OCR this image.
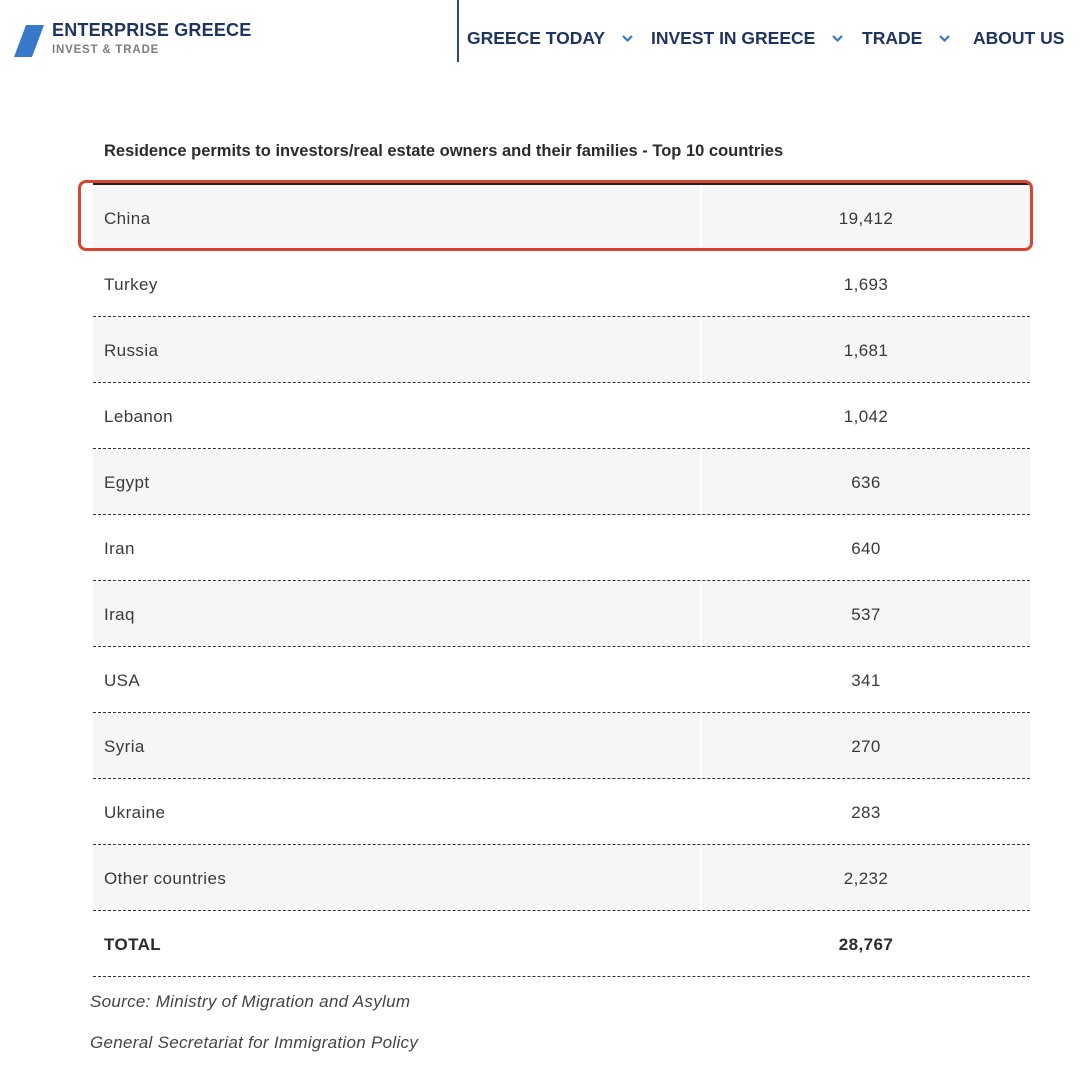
ENTERPRISE GREECE
INVEST & TRADE
GREECE TODAY	INVEST IN GREECE	TRADE	ABOUT US
Residence permits to investors/real estate owners and their families - Top 10 countries
China	19,412
Turkey	1,693
Russia	1,681
Lebanon	1,042
Egypt	636
Iran	640
Iraq	537
USA	341
Syria	270
Ukraine	283
Other countries	2,232
TOTAL	28,767
Source: Ministry of Migration and Asylum
General Secretariat for Immigration Policy
